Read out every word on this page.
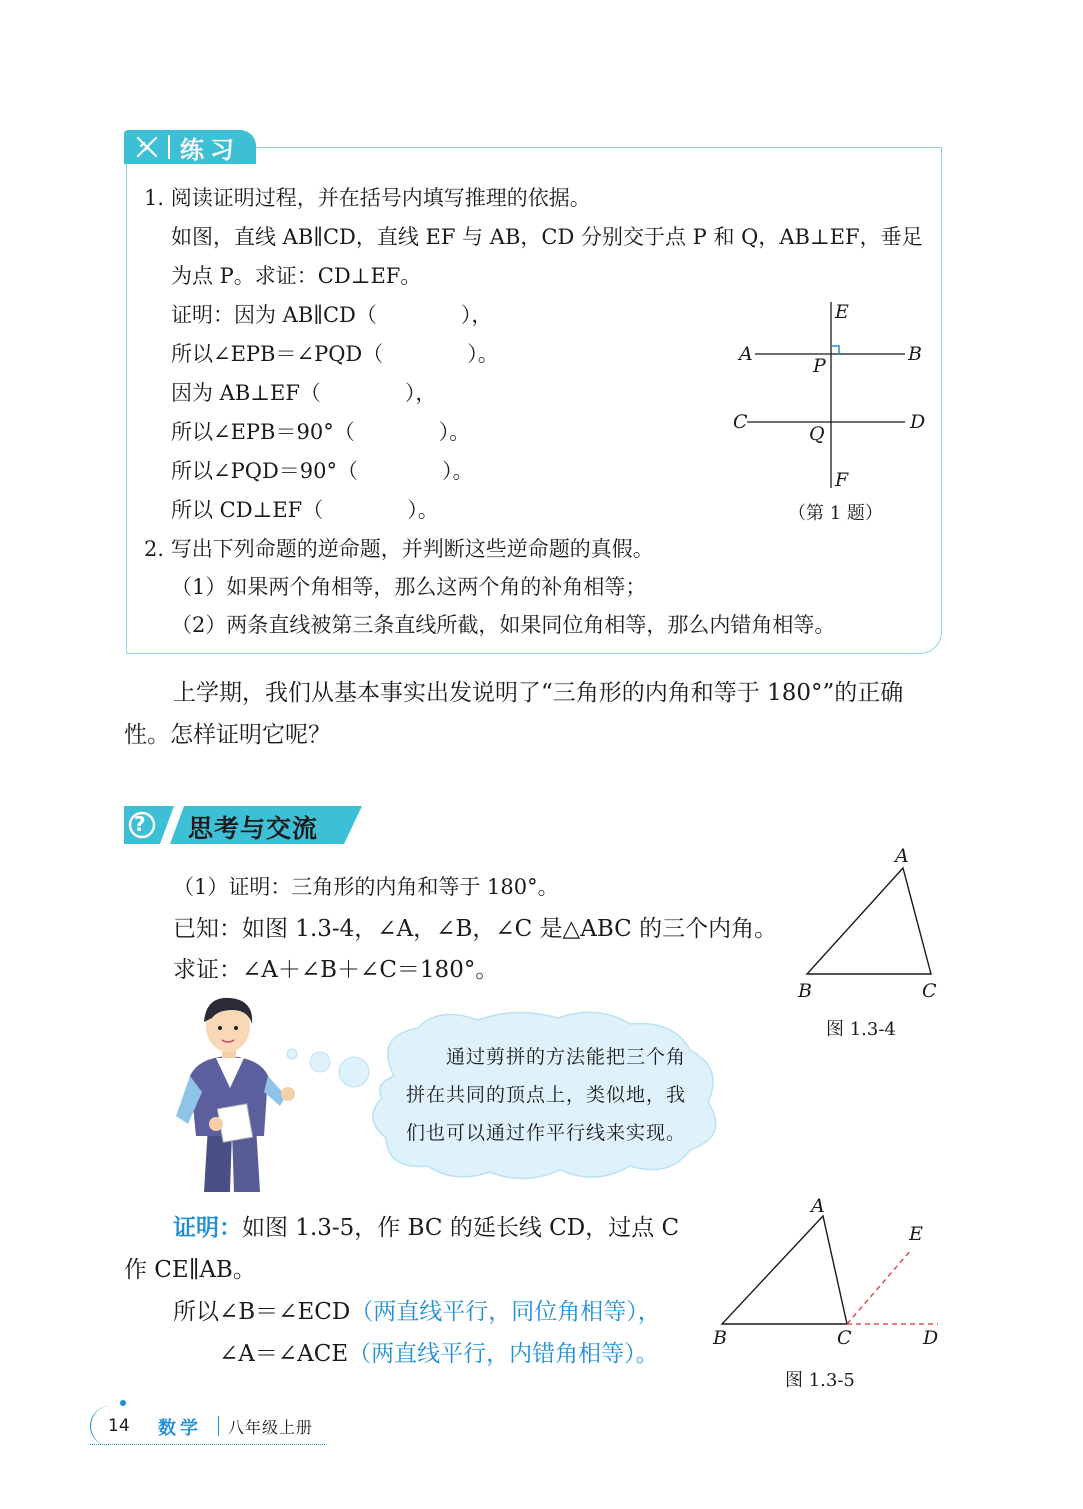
练习
1. 阅读证明过程，并在括号内填写推理的依据。
如图，直线 AB∥CD，直线 EF 与 AB，CD 分别交于点 P 和 Q，AB⊥EF，垂足
为点 P。求证：CD⊥EF。
证明：因为 AB∥CD（　　　　），
所以∠EPB＝∠PQD（　　　　）。
因为 AB⊥EF（　　　　），
所以∠EPB＝90°（　　　　）。
所以∠PQD＝90°（　　　　）。
所以 CD⊥EF（　　　　）。
E
A
P
B
C
Q
D
F
（第 1 题）
2. 写出下列命题的逆命题，并判断这些逆命题的真假。
（1）如果两个角相等，那么这两个角的补角相等；
（2）两条直线被第三条直线所截，如果同位角相等，那么内错角相等。
上学期，我们从基本事实出发说明了“三角形的内角和等于 180°”的正确
性。怎样证明它呢？
? 思考与交流
（1）证明：三角形的内角和等于 180°。
已知：如图 1.3-4，∠A，∠B，∠C 是△ABC 的三个内角。
求证：∠A＋∠B＋∠C＝180°。
A
B	C
图 1.3-4
通过剪拼的方法能把三个角
拼在共同的顶点上，类似地，我
们也可以通过作平行线来实现。
证明：如图 1.3-5，作 BC 的延长线 CD，过点 C
作 CE∥AB。
所以∠B＝∠ECD（两直线平行，同位角相等），
∠A＝∠ACE（两直线平行，内错角相等）。
A
B	C	D
E
图 1.3-5
14 数学 八年级上册
